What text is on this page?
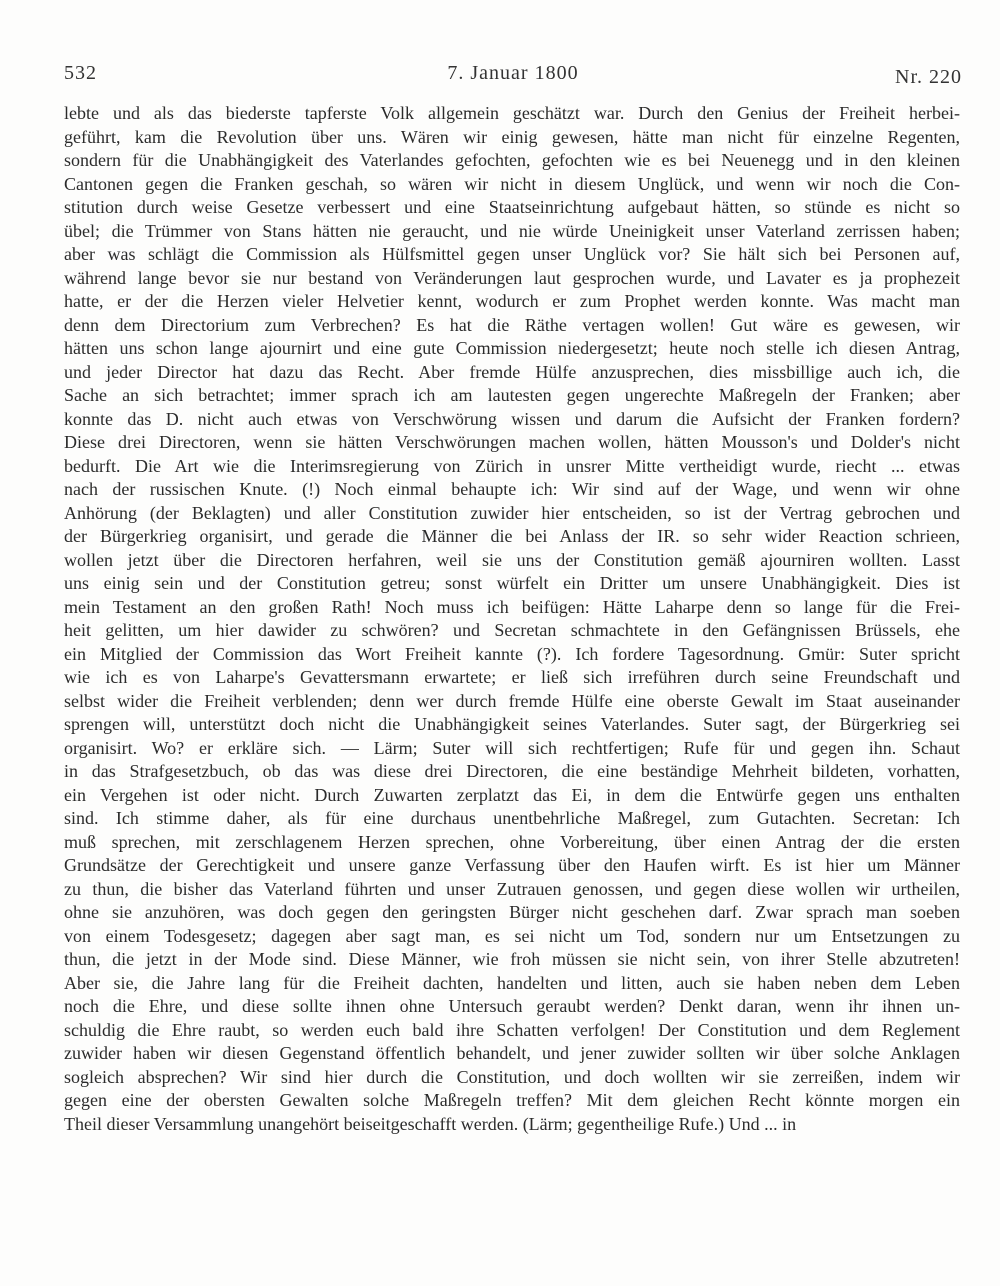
532	7. Januar 1800	Nr. 220
lebte und als das biederste tapferste Volk allgemein geschätzt war. Durch den Genius der Freiheit herbei-
geführt, kam die Revolution über uns. Wären wir einig gewesen, hätte man nicht für einzelne Regenten,
sondern für die Unabhängigkeit des Vaterlandes gefochten, gefochten wie es bei Neuenegg und in den kleinen
Cantonen gegen die Franken geschah, so wären wir nicht in diesem Unglück, und wenn wir noch die Con-
stitution durch weise Gesetze verbessert und eine Staatseinrichtung aufgebaut hätten, so stünde es nicht so
übel; die Trümmer von Stans hätten nie geraucht, und nie würde Uneinigkeit unser Vaterland zerrissen haben;
aber was schlägt die Commission als Hülfsmittel gegen unser Unglück vor? Sie hält sich bei Personen auf,
während lange bevor sie nur bestand von Veränderungen laut gesprochen wurde, und Lavater es ja prophezeit
hatte, er der die Herzen vieler Helvetier kennt, wodurch er zum Prophet werden konnte. Was macht man
denn dem Directorium zum Verbrechen? Es hat die Räthe vertagen wollen! Gut wäre es gewesen, wir
hätten uns schon lange ajournirt und eine gute Commission niedergesetzt; heute noch stelle ich diesen Antrag,
und jeder Director hat dazu das Recht. Aber fremde Hülfe anzusprechen, dies missbillige auch ich, die
Sache an sich betrachtet; immer sprach ich am lautesten gegen ungerechte Maßregeln der Franken; aber
konnte das D. nicht auch etwas von Verschwörung wissen und darum die Aufsicht der Franken fordern?
Diese drei Directoren, wenn sie hätten Verschwörungen machen wollen, hätten Mousson's und Dolder's nicht
bedurft. Die Art wie die Interimsregierung von Zürich in unsrer Mitte vertheidigt wurde, riecht ... etwas
nach der russischen Knute. (!) Noch einmal behaupte ich: Wir sind auf der Wage, und wenn wir ohne
Anhörung (der Beklagten) und aller Constitution zuwider hier entscheiden, so ist der Vertrag gebrochen und
der Bürgerkrieg organisirt, und gerade die Männer die bei Anlass der IR. so sehr wider Reaction schrieen,
wollen jetzt über die Directoren herfahren, weil sie uns der Constitution gemäß ajourniren wollten. Lasst
uns einig sein und der Constitution getreu; sonst würfelt ein Dritter um unsere Unabhängigkeit. Dies ist
mein Testament an den großen Rath! Noch muss ich beifügen: Hätte Laharpe denn so lange für die Frei-
heit gelitten, um hier dawider zu schwören? und Secretan schmachtete in den Gefängnissen Brüssels, ehe
ein Mitglied der Commission das Wort Freiheit kannte (?). Ich fordere Tagesordnung. Gmür: Suter spricht
wie ich es von Laharpe's Gevattersmann erwartete; er ließ sich irreführen durch seine Freundschaft und
selbst wider die Freiheit verblenden; denn wer durch fremde Hülfe eine oberste Gewalt im Staat auseinander
sprengen will, unterstützt doch nicht die Unabhängigkeit seines Vaterlandes. Suter sagt, der Bürgerkrieg sei
organisirt. Wo? er erkläre sich. — Lärm; Suter will sich rechtfertigen; Rufe für und gegen ihn. Schaut
in das Strafgesetzbuch, ob das was diese drei Directoren, die eine beständige Mehrheit bildeten, vorhatten,
ein Vergehen ist oder nicht. Durch Zuwarten zerplatzt das Ei, in dem die Entwürfe gegen uns enthalten
sind. Ich stimme daher, als für eine durchaus unentbehrliche Maßregel, zum Gutachten. Secretan: Ich
muß sprechen, mit zerschlagenem Herzen sprechen, ohne Vorbereitung, über einen Antrag der die ersten
Grundsätze der Gerechtigkeit und unsere ganze Verfassung über den Haufen wirft. Es ist hier um Männer
zu thun, die bisher das Vaterland führten und unser Zutrauen genossen, und gegen diese wollen wir urtheilen,
ohne sie anzuhören, was doch gegen den geringsten Bürger nicht geschehen darf. Zwar sprach man soeben
von einem Todesgesetz; dagegen aber sagt man, es sei nicht um Tod, sondern nur um Entsetzungen zu
thun, die jetzt in der Mode sind. Diese Männer, wie froh müssen sie nicht sein, von ihrer Stelle abzutreten!
Aber sie, die Jahre lang für die Freiheit dachten, handelten und litten, auch sie haben neben dem Leben
noch die Ehre, und diese sollte ihnen ohne Untersuch geraubt werden? Denkt daran, wenn ihr ihnen un-
schuldig die Ehre raubt, so werden euch bald ihre Schatten verfolgen! Der Constitution und dem Reglement
zuwider haben wir diesen Gegenstand öffentlich behandelt, und jener zuwider sollten wir über solche Anklagen
sogleich absprechen? Wir sind hier durch die Constitution, und doch wollten wir sie zerreißen, indem wir
gegen eine der obersten Gewalten solche Maßregeln treffen? Mit dem gleichen Recht könnte morgen ein
Theil dieser Versammlung unangehört beiseitgeschafft werden. (Lärm; gegentheilige Rufe.) Und ... in
